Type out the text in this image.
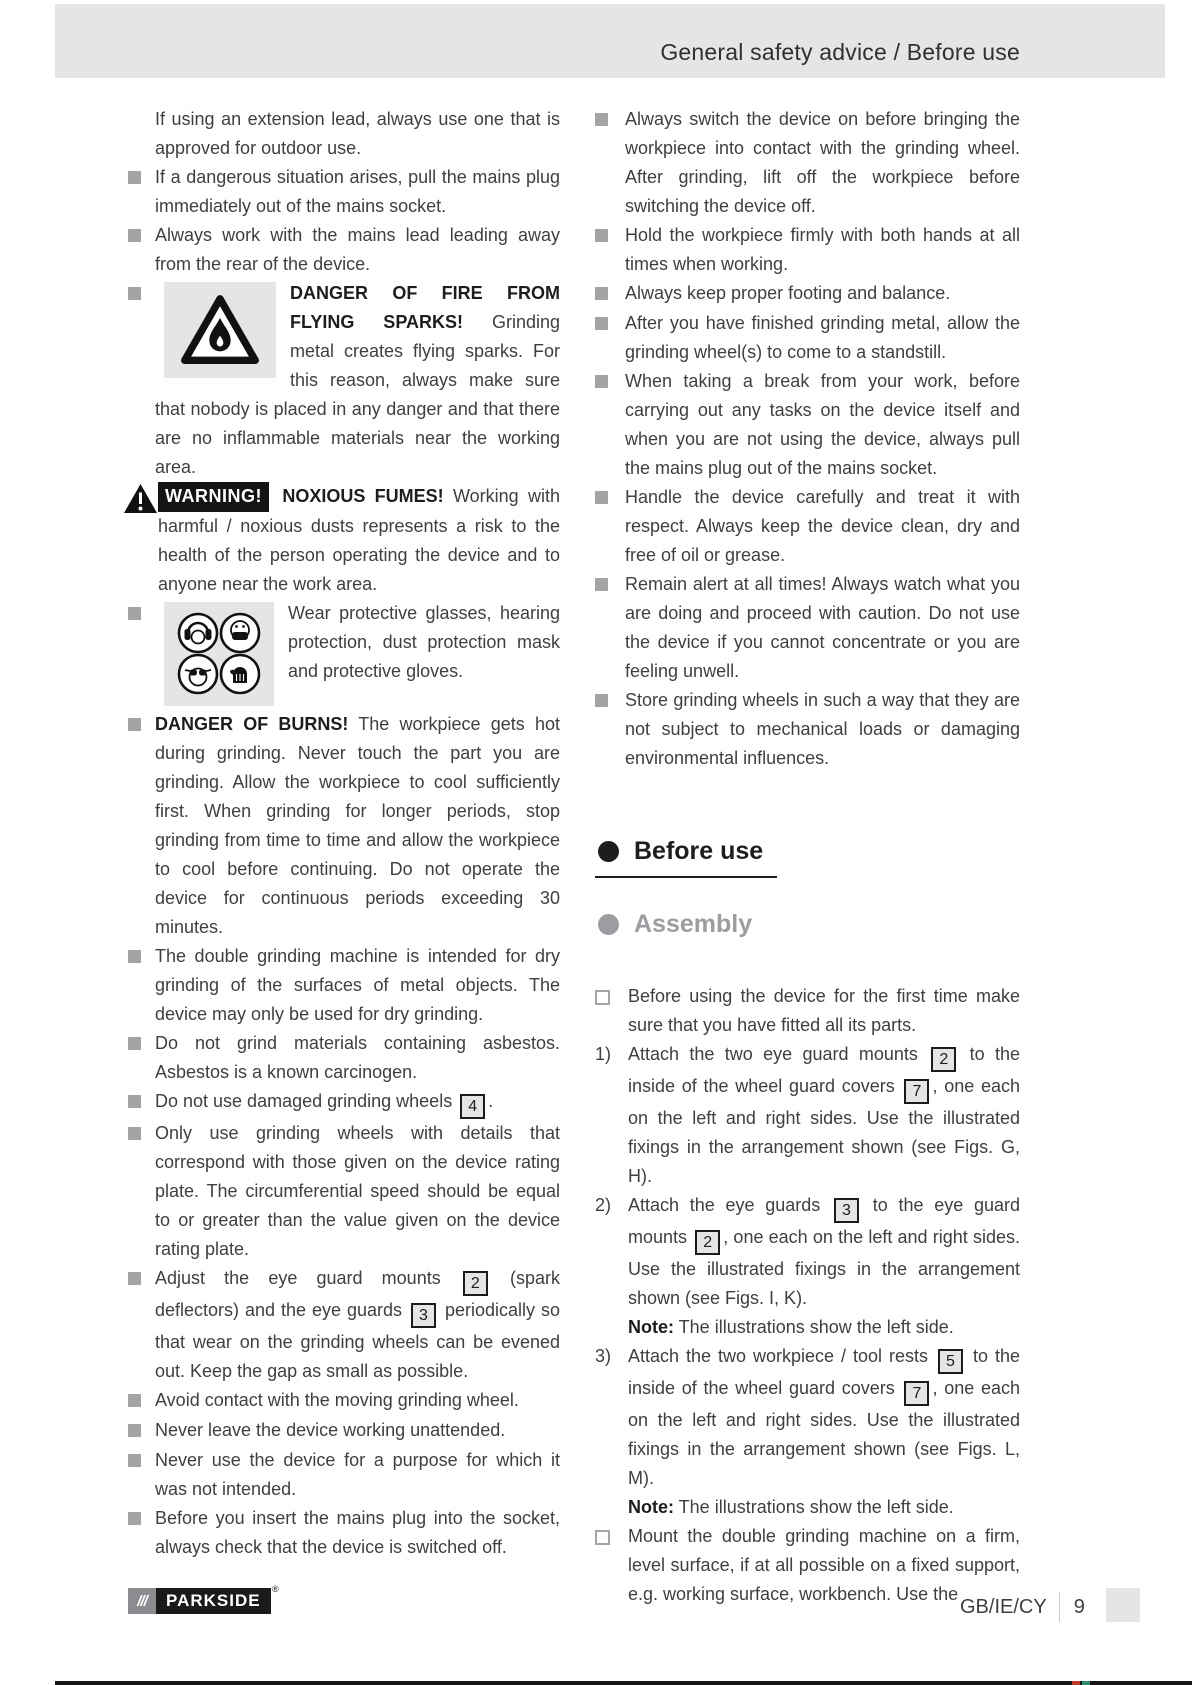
General safety advice / Before use
If using an extension lead, always use one that is approved for outdoor use.
If a dangerous situation arises, pull the mains plug immediately out of the mains socket.
Always work with the mains lead leading away from the rear of the device.
DANGER OF FIRE FROM FLYING SPARKS! Grinding metal creates flying sparks. For this reason, always make sure that nobody is placed in any danger and that there are no inflammable materials near the working area.
WARNING! NOXIOUS FUMES! Working with harmful / noxious dusts represents a risk to the health of the person operating the device and to anyone near the work area.
Wear protective glasses, hearing protection, dust protection mask and protective gloves.
DANGER OF BURNS! The workpiece gets hot during grinding. Never touch the part you are grinding. Allow the workpiece to cool sufficiently first. When grinding for longer periods, stop grinding from time to time and allow the workpiece to cool before continuing. Do not operate the device for continuous periods exceeding 30 minutes.
The double grinding machine is intended for dry grinding of the surfaces of metal objects. The device may only be used for dry grinding.
Do not grind materials containing asbestos. Asbestos is a known carcinogen.
Do not use damaged grinding wheels 4 .
Only use grinding wheels with details that correspond with those given on the device rating plate. The circumferential speed should be equal to or greater than the value given on the device rating plate.
Adjust the eye guard mounts 2 (spark deflectors) and the eye guards 3 periodically so that wear on the grinding wheels can be evened out. Keep the gap as small as possible.
Avoid contact with the moving grinding wheel.
Never leave the device working unattended.
Never use the device for a purpose for which it was not intended.
Before you insert the mains plug into the socket, always check that the device is switched off.
Always switch the device on before bringing the workpiece into contact with the grinding wheel. After grinding, lift off the workpiece before switching the device off.
Hold the workpiece firmly with both hands at all times when working.
Always keep proper footing and balance.
After you have finished grinding metal, allow the grinding wheel(s) to come to a standstill.
When taking a break from your work, before carrying out any tasks on the device itself and when you are not using the device, always pull the mains plug out of the mains socket.
Handle the device carefully and treat it with respect. Always keep the device clean, dry and free of oil or grease.
Remain alert at all times! Always watch what you are doing and proceed with caution. Do not use the device if you cannot concentrate or you are feeling unwell.
Store grinding wheels in such a way that they are not subject to mechanical loads or damaging environmental influences.
Before use
Assembly
Before using the device for the first time make sure that you have fitted all its parts.
1) Attach the two eye guard mounts 2 to the inside of the wheel guard covers 7 , one each on the left and right sides. Use the illustrated fixings in the arrangement shown (see Figs. G, H).
2) Attach the eye guards 3 to the eye guard mounts 2 , one each on the left and right sides. Use the illustrated fixings in the arrangement shown (see Figs. I, K).
Note: The illustrations show the left side.
3) Attach the two workpiece / tool rests 5 to the inside of the wheel guard covers 7 , one each on the left and right sides. Use the illustrated fixings in the arrangement shown (see Figs. L, M).
Note: The illustrations show the left side.
Mount the double grinding machine on a firm, level surface, if at all possible on a fixed support, e.g. working surface, workbench. Use the
///	PARKSIDE
®
GB/IE/CY 9
